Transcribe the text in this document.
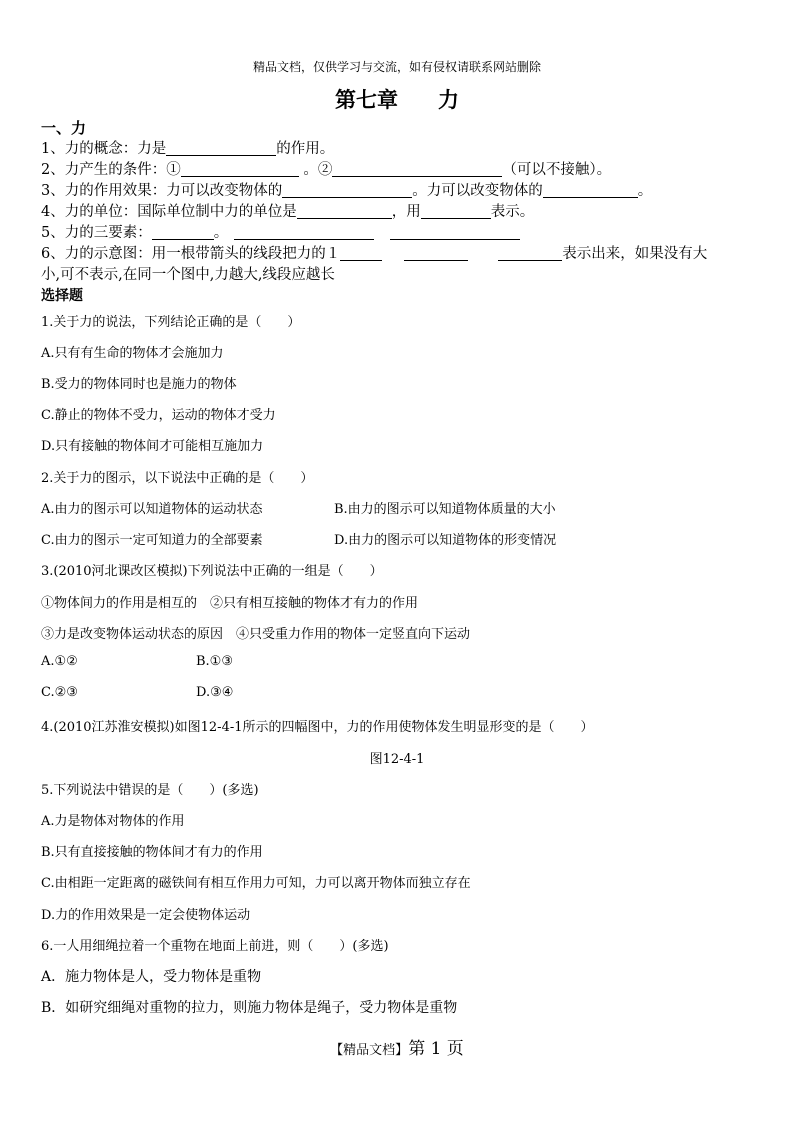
精品文档，仅供学习与交流，如有侵权请联系网站删除
第七章 力
一、力
1、力的概念：力是	的作用。
2、力产生的条件：①	。②	（可以不接触）。
3、力的作用效果：力可以改变物体的	。力可以改变物体的	。
4、力的单位：国际单位制中力的单位是	，用	表示。
5、力的三要素：	。
6、力的示意图：用一根带箭头的线段把力的１	表示出来，如果没有大
小,可不表示,在同一个图中,力越大,线段应越长
选择题
1.关于力的说法，下列结论正确的是（　　）
A.只有有生命的物体才会施加力
B.受力的物体同时也是施力的物体
C.静止的物体不受力，运动的物体才受力
D.只有接触的物体间才可能相互施加力
2.关于力的图示，以下说法中正确的是（　　）
A.由力的图示可以知道物体的运动状态	B.由力的图示可以知道物体质量的大小
C.由力的图示一定可知道力的全部要素	D.由力的图示可以知道物体的形变情况
3.(2010河北课改区模拟)下列说法中正确的一组是（　　）
①物体间力的作用是相互的　②只有相互接触的物体才有力的作用
③力是改变物体运动状态的原因　④只受重力作用的物体一定竖直向下运动
A.①②	B.①③
C.②③	D.③④
4.(2010江苏淮安模拟)如图12-4-1所示的四幅图中，力的作用使物体发生明显形变的是（　　）
图12-4-1
5.下列说法中错误的是（　　）(多选)
A.力是物体对物体的作用
B.只有直接接触的物体间才有力的作用
C.由相距一定距离的磁铁间有相互作用力可知，力可以离开物体而独立存在
D.力的作用效果是一定会使物体运动
6.一人用细绳拉着一个重物在地面上前进，则（　　）(多选)
A．施力物体是人，受力物体是重物
B．如研究细绳对重物的拉力，则施力物体是绳子，受力物体是重物
【精品文档】第 1 页
